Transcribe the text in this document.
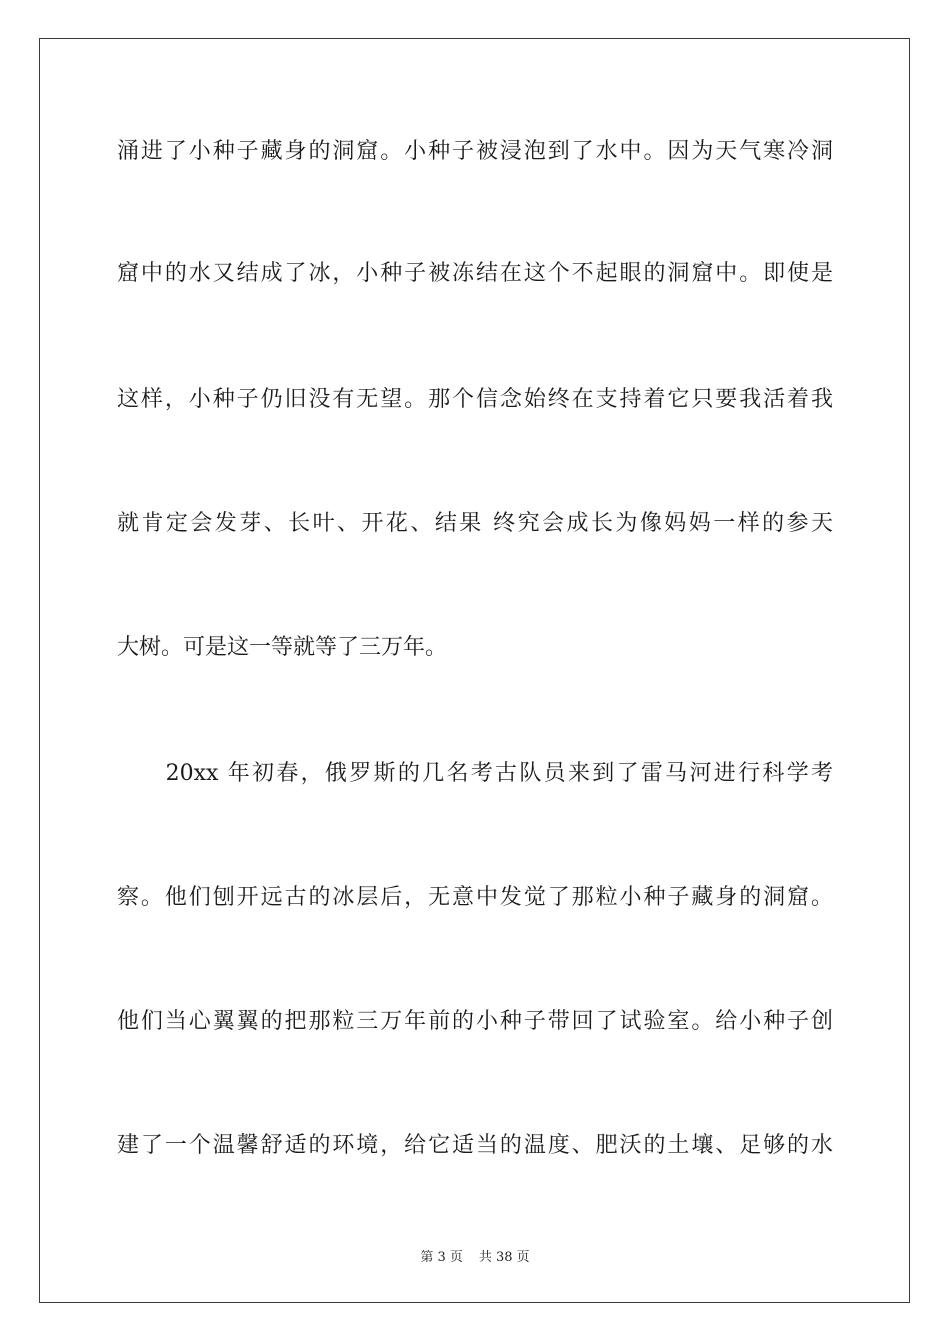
涌进了小种子藏身的洞窟。小种子被浸泡到了水中。因为天气寒冷洞
窟中的水又结成了冰，小种子被冻结在这个不起眼的洞窟中。即使是
这样，小种子仍旧没有无望。那个信念始终在支持着它只要我活着我
就肯定会发芽、长叶、开花、结果 终究会成长为像妈妈一样的参天
大树。可是这一等就等了三万年。
　　20xx 年初春，俄罗斯的几名考古队员来到了雷马河进行科学考
察。他们刨开远古的冰层后，无意中发觉了那粒小种子藏身的洞窟。
他们当心翼翼的把那粒三万年前的小种子带回了试验室。给小种子创
建了一个温馨舒适的环境，给它适当的温度、肥沃的土壤、足够的水
第 3 页 共 38 页
